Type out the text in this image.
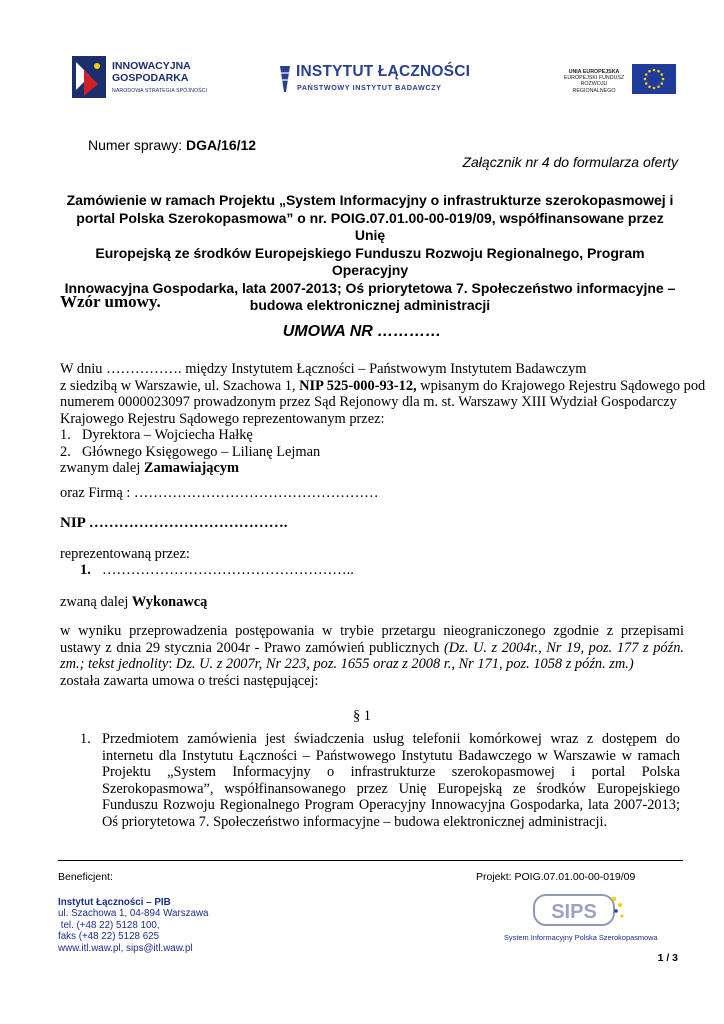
INNOWACYJNA
GOSPODARKA
NARODOWA STRATEGIA SPÓJNOŚCI
INSTYTUT ŁĄCZNOŚCI
PAŃSTWOWY INSTYTUT BADAWCZY
UNIA EUROPEJSKA
EUROPEJSKI FUNDUSZ
ROZWOJU REGIONALNEGO
Numer sprawy: DGA/16/12
Załącznik nr 4 do formularza oferty
Zamówienie w ramach Projektu „System Informacyjny o infrastrukturze szerokopasmowej i
portal Polska Szerokopasmowa” o nr. POIG.07.01.00-00-019/09, współfinansowane przez Unię
Europejską ze środków Europejskiego Funduszu Rozwoju Regionalnego, Program Operacyjny
Innowacyjna Gospodarka, lata 2007-2013; Oś priorytetowa 7. Społeczeństwo informacyjne –
budowa elektronicznej administracji
Wzór umowy.
UMOWA NR …………
W dniu ……………. między Instytutem Łączności – Państwowym Instytutem Badawczym
z siedzibą w Warszawie, ul. Szachowa 1, NIP 525-000-93-12, wpisanym do Krajowego Rejestru Sądowego pod
numerem 0000023097 prowadzonym przez Sąd Rejonowy dla m. st. Warszawy XIII Wydział Gospodarczy
Krajowego Rejestru Sądowego reprezentowanym przez:
1. Dyrektora – Wojciecha Hałkę
2. Głównego Księgowego – Lilianę Lejman
zwanym dalej Zamawiającym
oraz Firmą : ……………………………………………
NIP ………………………………….
reprezentowaną przez:
1. ……………………………………………..
zwaną dalej Wykonawcą
w wyniku przeprowadzenia postępowania w trybie przetargu nieograniczonego zgodnie z przepisami ustawy z dnia 29 stycznia 2004r - Prawo zamówień publicznych (Dz. U. z 2004r., Nr 19, poz. 177 z późn. zm.; tekst jednolity: Dz. U. z 2007r, Nr 223, poz. 1655 oraz z 2008 r., Nr 171, poz. 1058 z późn. zm.)
została zawarta umowa o treści następującej:
§ 1
1. Przedmiotem zamówienia jest świadczenia usług telefonii komórkowej wraz z dostępem do internetu dla Instytutu Łączności – Państwowego Instytutu Badawczego w Warszawie w ramach Projektu „System Informacyjny o infrastrukturze szerokopasmowej i portal Polska Szerokopasmowa”, współfinansowanego przez Unię Europejską ze środków Europejskiego Funduszu Rozwoju Regionalnego Program Operacyjny Innowacyjna Gospodarka, lata 2007-2013; Oś priorytetowa 7. Społeczeństwo informacyjne – budowa elektronicznej administracji.
Beneficjent:	Projekt: POIG.07.01.00-00-019/09
Instytut Łączności – PIB
ul. Szachowa 1, 04-894 Warszawa
tel. (+48 22) 5128 100,
faks (+48 22) 5128 625
www.itl.waw.pl, sips@itl.waw.pl
SIPS
System Informacyjny Polska Szerokopasmowa
1 / 3
